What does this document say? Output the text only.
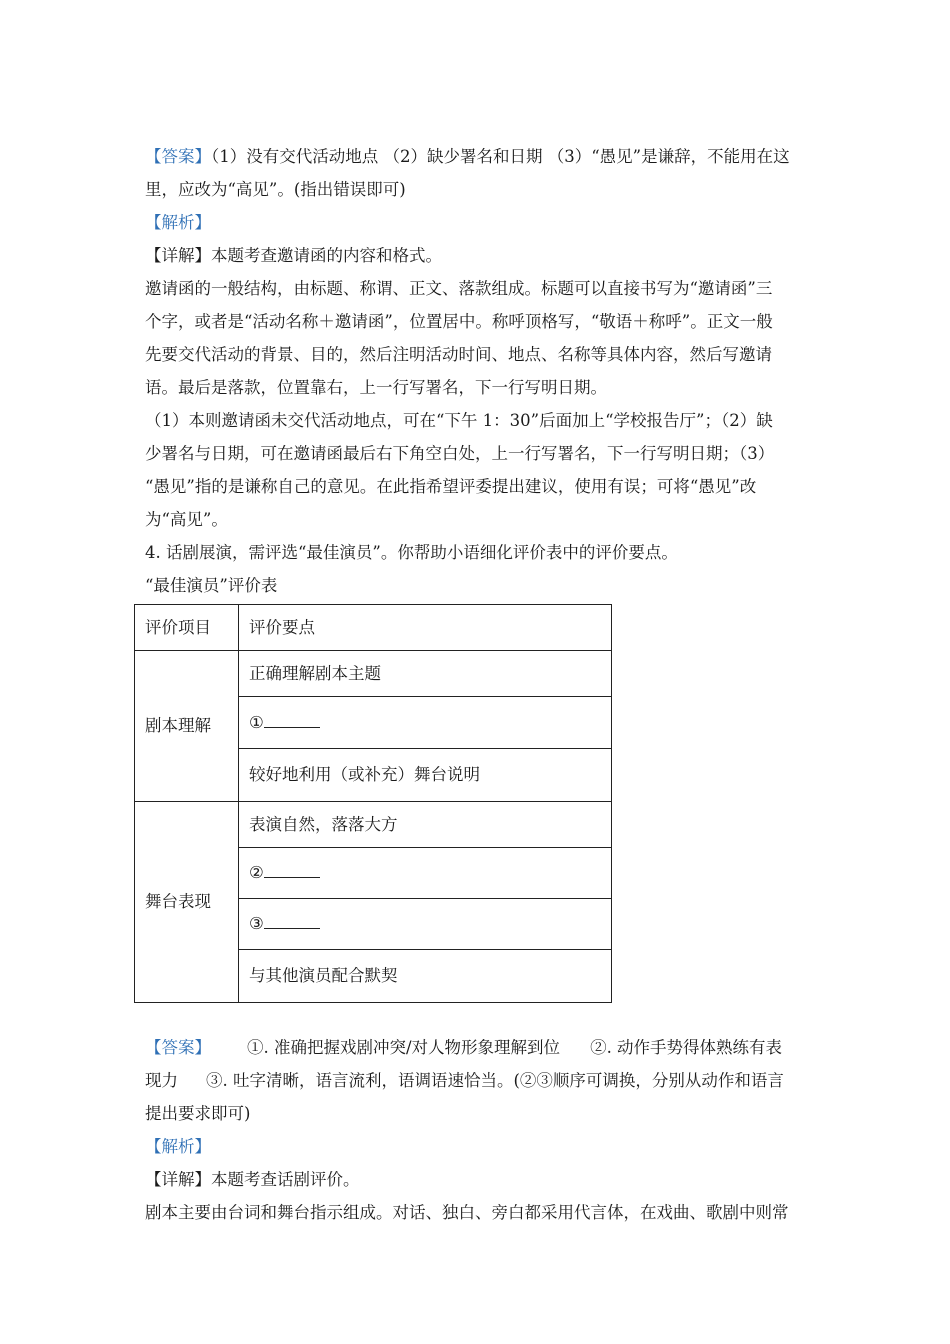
【答案】（1）没有交代活动地点 （2）缺少署名和日期 （3）“愚见”是谦辞，不能用在这
里，应改为“高见”。(指出错误即可)
【解析】
【详解】本题考查邀请函的内容和格式。
邀请函的一般结构，由标题、称谓、正文、落款组成。标题可以直接书写为“邀请函”三
个字，或者是“活动名称＋邀请函”，位置居中。称呼顶格写，“敬语＋称呼”。正文一般
先要交代活动的背景、目的，然后注明活动时间、地点、名称等具体内容，然后写邀请
语。最后是落款，位置靠右，上一行写署名，下一行写明日期。
（1）本则邀请函未交代活动地点，可在“下午 1：30”后面加上“学校报告厅”；（2）缺
少署名与日期，可在邀请函最后右下角空白处，上一行写署名，下一行写明日期；（3）
“愚见”指的是谦称自己的意见。在此指希望评委提出建议，使用有误；可将“愚见”改
为“高见”。
4. 话剧展演，需评选“最佳演员”。你帮助小语细化评价表中的评价要点。
“最佳演员”评价表
评价项目	评价要点
剧本理解	正确理解剧本主题
	①
	较好地利用（或补充）舞台说明
舞台表现	表演自然，落落大方
	②
	③
	与其他演员配合默契
【答案】 ①. 准确把握戏剧冲突/对人物形象理解到位 ②. 动作手势得体熟练有表
现力 ③. 吐字清晰，语言流利，语调语速恰当。(②③顺序可调换，分别从动作和语言
提出要求即可)
【解析】
【详解】本题考查话剧评价。
剧本主要由台词和舞台指示组成。对话、独白、旁白都采用代言体，在戏曲、歌剧中则常
